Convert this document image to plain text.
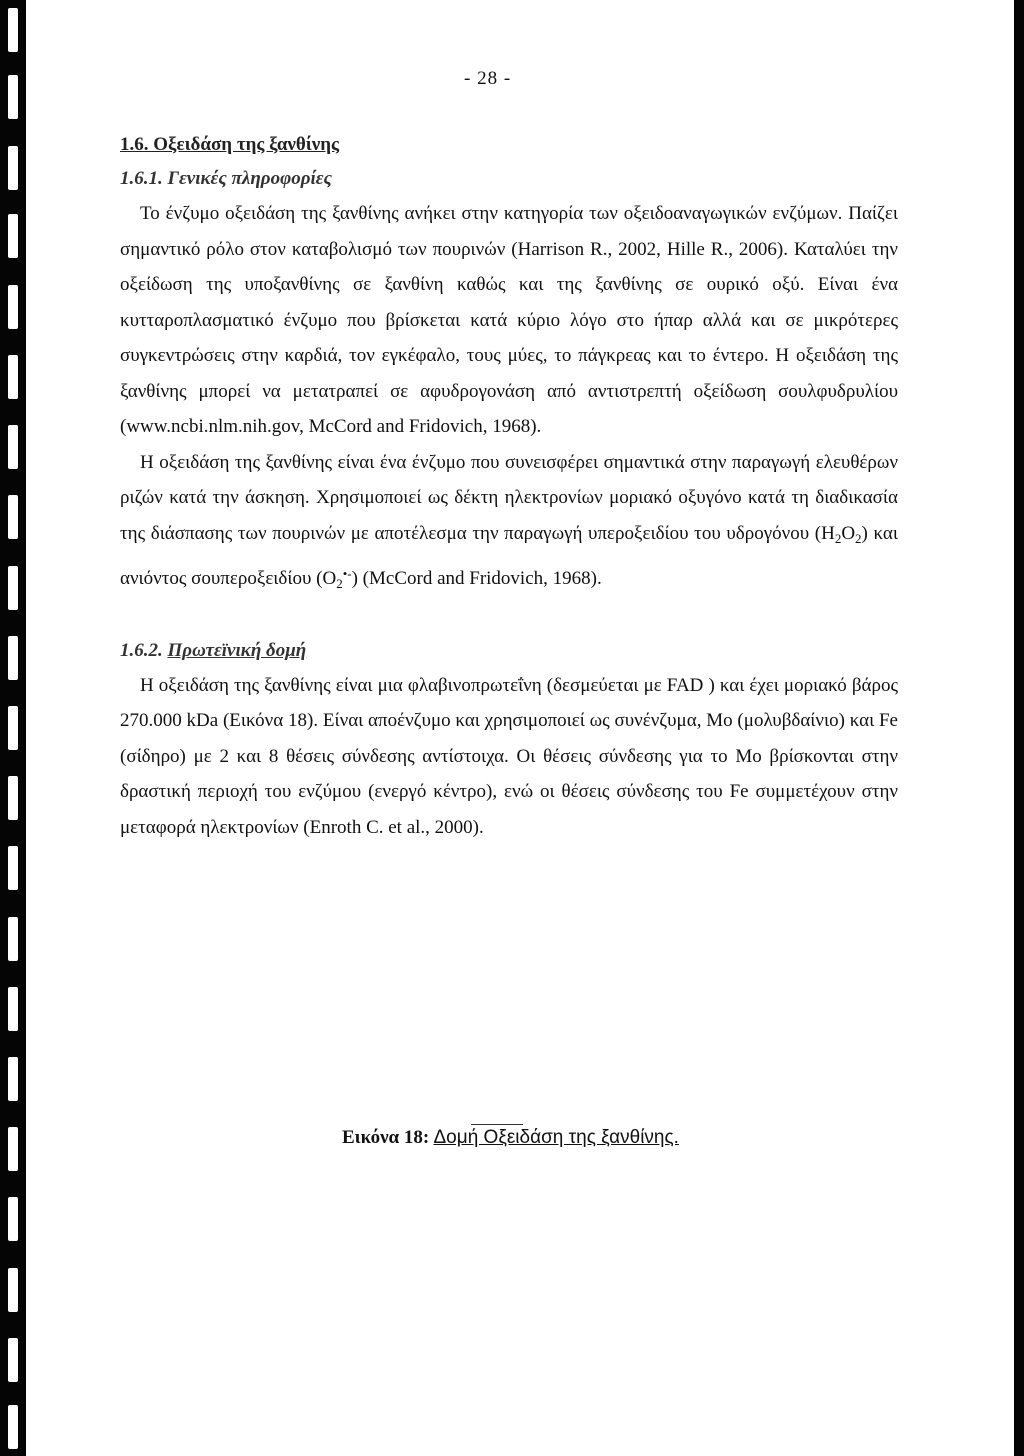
- 28 -
1.6. Οξειδάση της ξανθίνης
1.6.1. Γενικές πληροφορίες

Το ένζυμο οξειδάση της ξανθίνης ανήκει στην κατηγορία των οξειδοαναγωγικών ενζύμων. Παίζει σημαντικό ρόλο στον καταβολισμό των πουρινών (Harrison R., 2002, Hille R., 2006). Καταλύει την οξείδωση της υποξανθίνης σε ξανθίνη καθώς και της ξανθίνης σε ουρικό οξύ. Είναι ένα κυτταροπλασματικό ένζυμο που βρίσκεται κατά κύριο λόγο στο ήπαρ αλλά και σε μικρότερες συγκεντρώσεις στην καρδιά, τον εγκέφαλο, τους μύες, το πάγκρεας και το έντερο. Η οξειδάση της ξανθίνης μπορεί να μετατραπεί σε αφυδρογονάση από αντιστρεπτή οξείδωση σουλφυδρυλίου (www.ncbi.nlm.nih.gov, McCord and Fridovich, 1968).

Η οξειδάση της ξανθίνης είναι ένα ένζυμο που συνεισφέρει σημαντικά στην παραγωγή ελευθέρων ριζών κατά την άσκηση. Χρησιμοποιεί ως δέκτη ηλεκτρονίων μοριακό οξυγόνο κατά τη διαδικασία της διάσπασης των πουρινών με αποτέλεσμα την παραγωγή υπεροξειδίου του υδρογόνου $(H_2O_2)$ και ανιόντος σουπεροξειδίου $(O_2^{•-})$ (McCord and Fridovich, 1968).

1.6.2. Πρωτεϊνική δομή

Η οξειδάση της ξανθίνης είναι μια φλαβινοπρωτεΐνη (δεσμεύεται με FAD ) και έχει μοριακό βάρος 270.000 kDa (Εικόνα 18). Είναι αποένζυμο και χρησιμοποιεί ως συνένζυμα, Mo (μολυβδαίνιο) και Fe (σίδηρο) με 2 και 8 θέσεις σύνδεσης αντίστοιχα. Οι θέσεις σύνδεσης για το Mo βρίσκονται στην δραστική περιοχή του ενζύμου (ενεργό κέντρο), ενώ οι θέσεις σύνδεσης του Fe συμμετέχουν στην μεταφορά ηλεκτρονίων (Enroth C. et al., 2000).

Εικόνα 18: Δομή Οξειδάση της ξανθίνης.
